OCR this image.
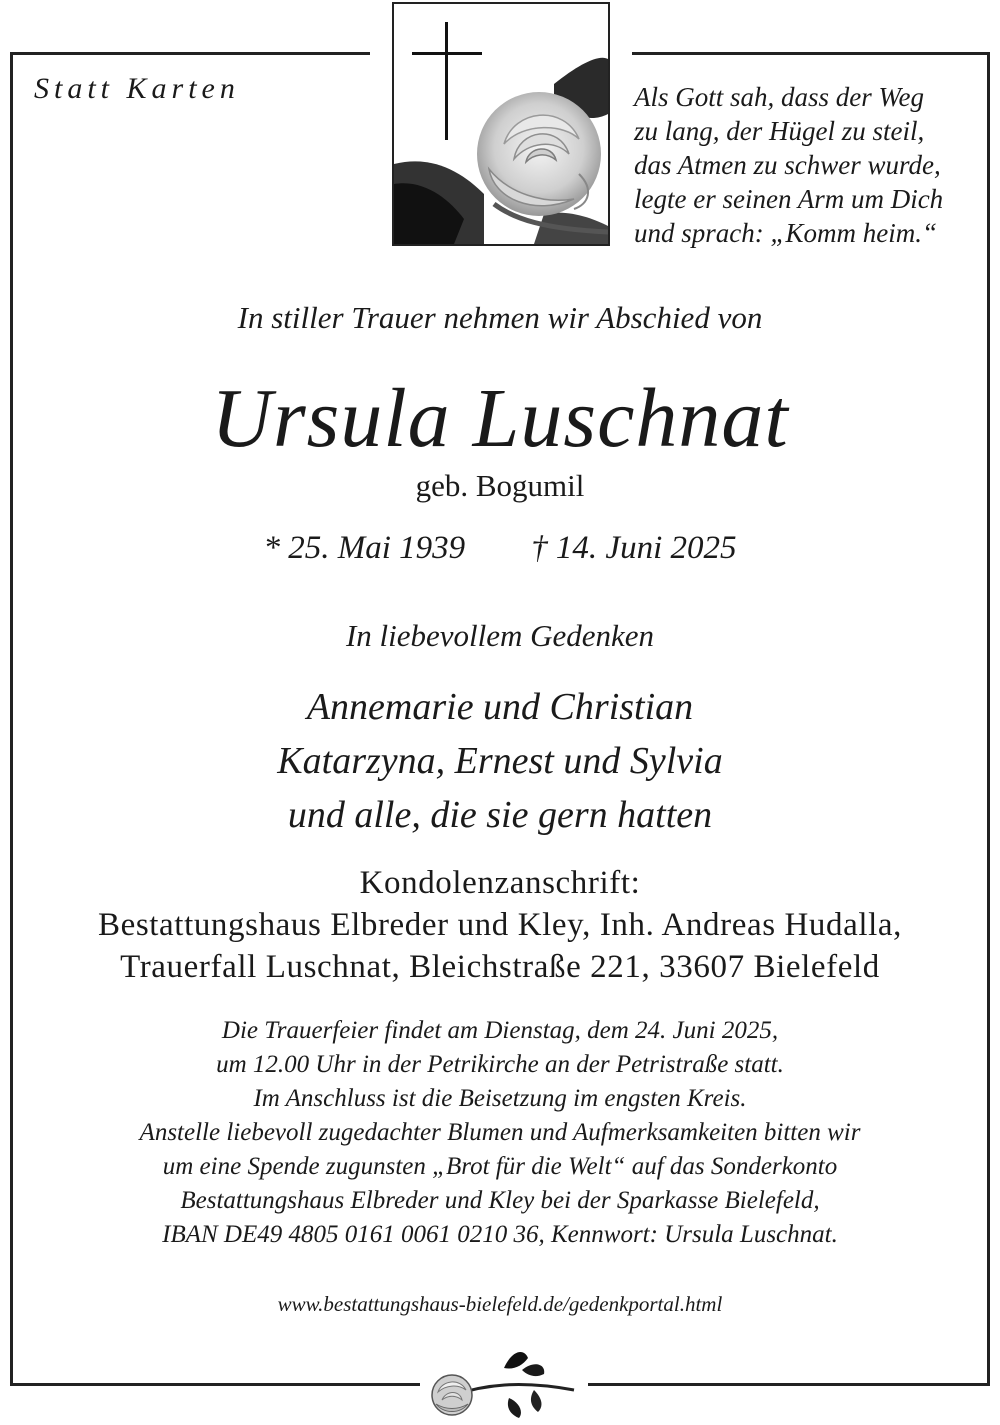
Statt Karten	Als Gott sah, dass der Weg
zu lang, der Hügel zu steil,
das Atmen zu schwer wurde,
legte er seinen Arm um Dich
und sprach: „Komm heim.“
In stiller Trauer nehmen wir Abschied von
Ursula Luschnat
geb. Bogumil
* 25. Mai 1939 † 14. Juni 2025
In liebevollem Gedenken
Annemarie und Christian
Katarzyna, Ernest und Sylvia
und alle, die sie gern hatten
Kondolenzanschrift:
Bestattungshaus Elbreder und Kley, Inh. Andreas Hudalla,
Trauerfall Luschnat, Bleichstraße 221, 33607 Bielefeld
Die Trauerfeier findet am Dienstag, dem 24. Juni 2025,
um 12.00 Uhr in der Petrikirche an der Petristraße statt.
Im Anschluss ist die Beisetzung im engsten Kreis.
Anstelle liebevoll zugedachter Blumen und Aufmerksamkeiten bitten wir
um eine Spende zugunsten „Brot für die Welt“ auf das Sonderkonto
Bestattungshaus Elbreder und Kley bei der Sparkasse Bielefeld,
IBAN DE49 4805 0161 0061 0210 36, Kennwort: Ursula Luschnat.
www.bestattungshaus-bielefeld.de/gedenkportal.html
